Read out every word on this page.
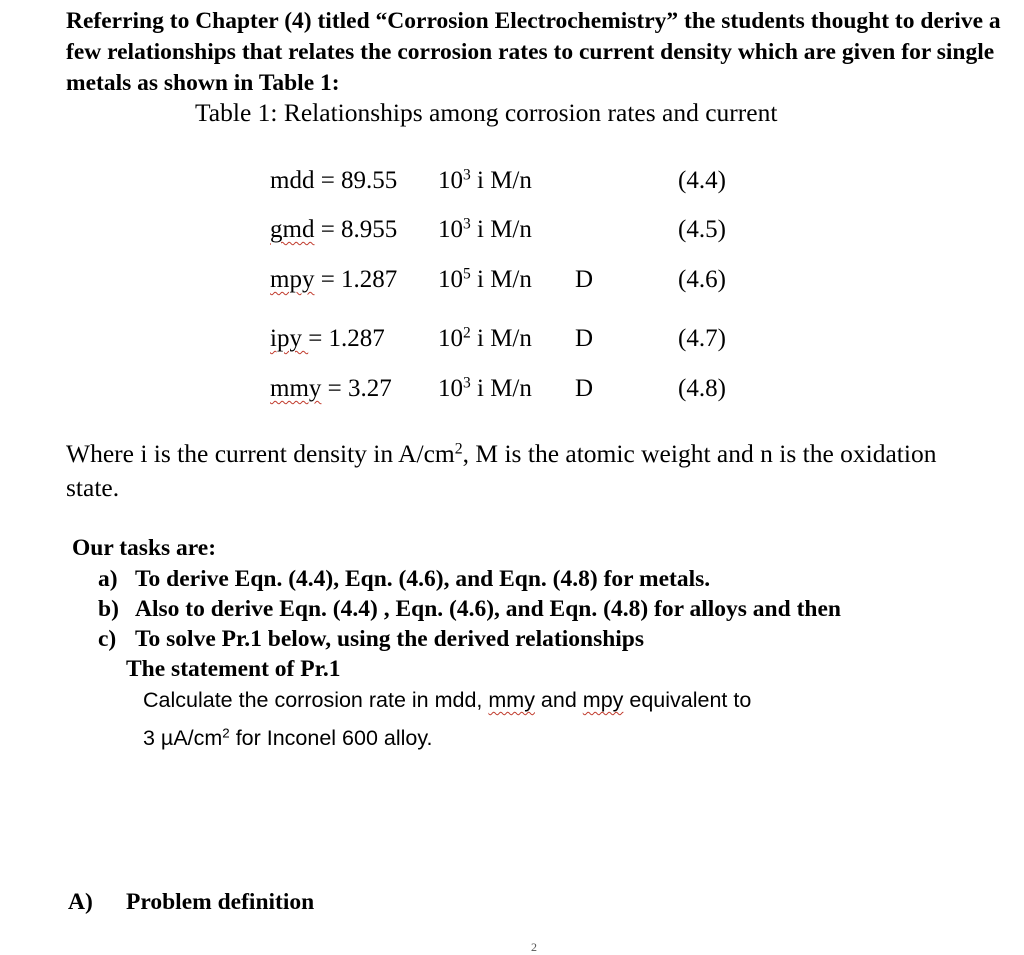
Referring to Chapter (4) titled “Corrosion Electrochemistry” the students thought to derive a few relationships that relates the corrosion rates to current density which are given for single metals as shown in Table 1:
Table 1: Relationships among corrosion rates and current
mdd = 89.55 $10^3$ i M/n	(4.4)
gmd = 8.955 $10^3$ i M/n	(4.5)
mpy = 1.287 $10^5$ i M/n D	(4.6)
ipy = 1.287 $10^2$ i M/n D	(4.7)
mmy = 3.27 $10^3$ i M/n D	(4.8)
Where i is the current density in $A/cm^2$, M is the atomic weight and n is the oxidation state.
Our tasks are:
a) To derive Eqn. (4.4), Eqn. (4.6), and Eqn. (4.8) for metals.
b) Also to derive Eqn. (4.4) , Eqn. (4.6), and Eqn. (4.8) for alloys and then
c) To solve Pr.1 below, using the derived relationships
The statement of Pr.1
Calculate the corrosion rate in mdd, mmy and mpy equivalent to
3 $\mu A/cm^2$ for Inconel 600 alloy.
A) Problem definition
2
